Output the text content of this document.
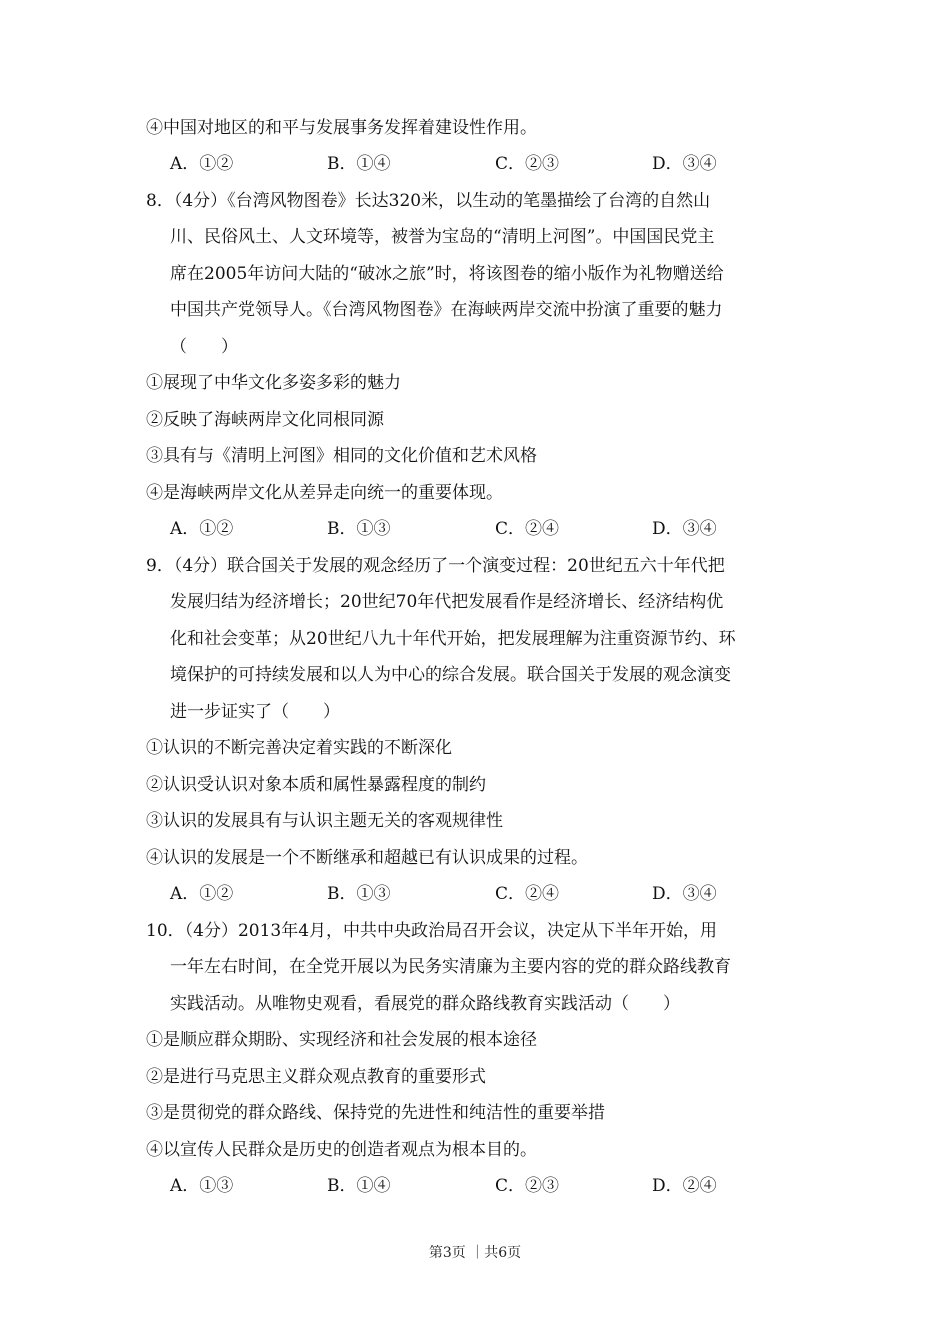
④中国对地区的和平与发展事务发挥着建设性作用。
A．①②	B．①④	C．②③	D．③④
8．（4分）《台湾风物图卷》长达320米，以生动的笔墨描绘了台湾的自然山
川、民俗风土、人文环境等，被誉为宝岛的“清明上河图”。中国国民党主
席在2005年访问大陆的“破冰之旅”时，将该图卷的缩小版作为礼物赠送给
中国共产党领导人。《台湾风物图卷》在海峡两岸交流中扮演了重要的魅力
（　　）
①展现了中华文化多姿多彩的魅力
②反映了海峡两岸文化同根同源
③具有与《清明上河图》相同的文化价值和艺术风格
④是海峡两岸文化从差异走向统一的重要体现。
A．①②	B．①③	C．②④	D．③④
9．（4分）联合国关于发展的观念经历了一个演变过程：20世纪五六十年代把
发展归结为经济增长；20世纪70年代把发展看作是经济增长、经济结构优
化和社会变革；从20世纪八九十年代开始，把发展理解为注重资源节约、环
境保护的可持续发展和以人为中心的综合发展。联合国关于发展的观念演变
进一步证实了（　　）
①认识的不断完善决定着实践的不断深化
②认识受认识对象本质和属性暴露程度的制约
③认识的发展具有与认识主题无关的客观规律性
④认识的发展是一个不断继承和超越已有认识成果的过程。
A．①②	B．①③	C．②④	D．③④
10．（4分）2013年4月，中共中央政治局召开会议，决定从下半年开始，用
一年左右时间，在全党开展以为民务实清廉为主要内容的党的群众路线教育
实践活动。从唯物史观看，看展党的群众路线教育实践活动（　　）
①是顺应群众期盼、实现经济和社会发展的根本途径
②是进行马克思主义群众观点教育的重要形式
③是贯彻党的群众路线、保持党的先进性和纯洁性的重要举措
④以宣传人民群众是历史的创造者观点为根本目的。
A．①③	B．①④	C．②③	D．②④
第3页 ｜共6页
